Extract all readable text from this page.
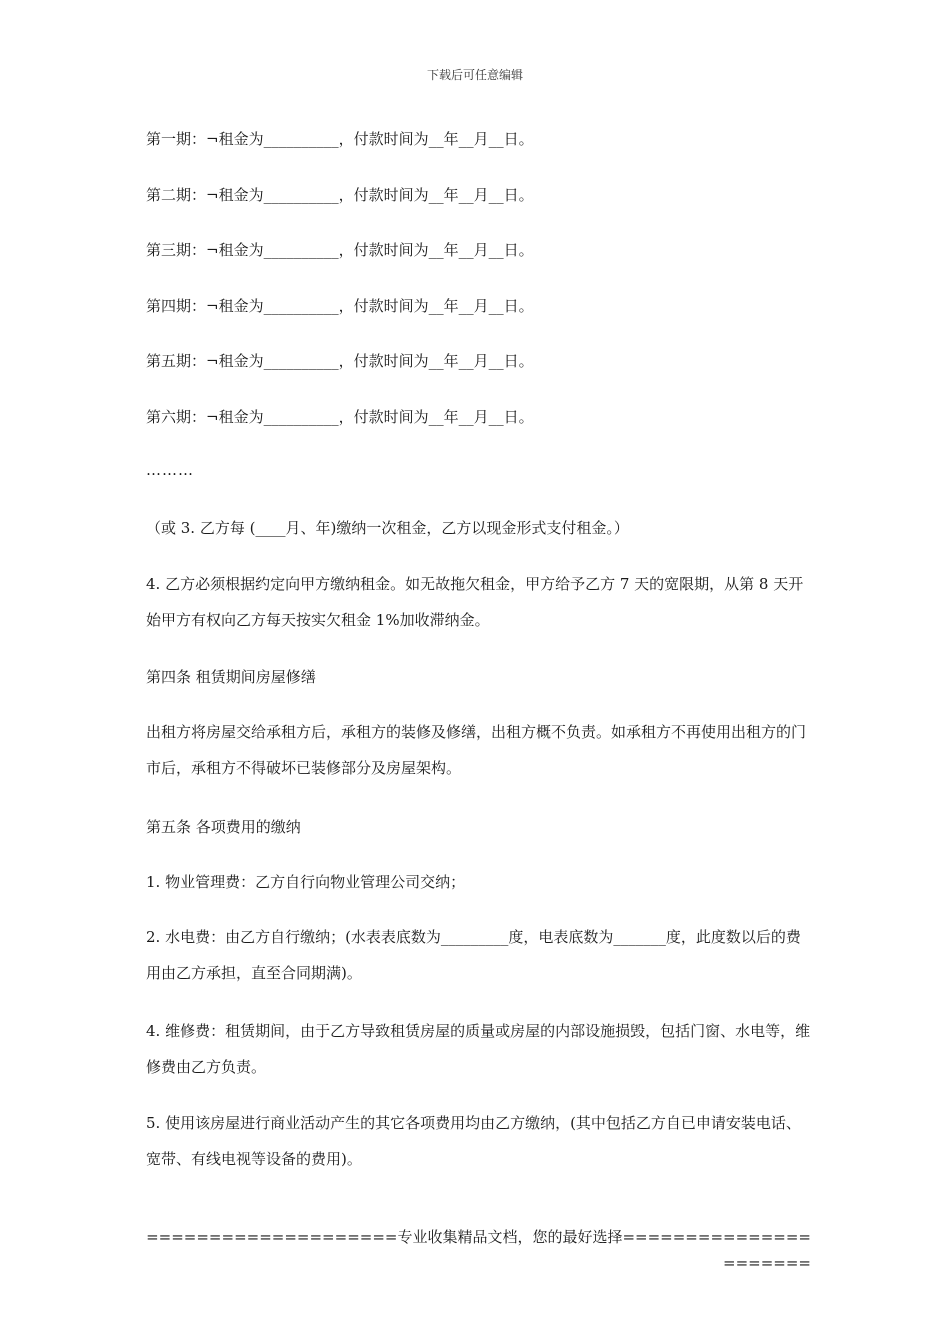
下载后可任意编辑
第一期：¬租金为__________，付款时间为__年__月__日。
第二期：¬租金为__________，付款时间为__年__月__日。
第三期：¬租金为__________，付款时间为__年__月__日。
第四期：¬租金为__________，付款时间为__年__月__日。
第五期：¬租金为__________，付款时间为__年__月__日。
第六期：¬租金为__________，付款时间为__年__月__日。
………
（或 3. 乙方每 (____月、年)缴纳一次租金，乙方以现金形式支付租金。）
4. 乙方必须根据约定向甲方缴纳租金。如无故拖欠租金，甲方给予乙方 7 天的宽限期，从第 8 天开始甲方有权向乙方每天按实欠租金 1%加收滞纳金。
第四条 租赁期间房屋修缮
出租方将房屋交给承租方后，承租方的装修及修缮，出租方概不负责。如承租方不再使用出租方的门市后，承租方不得破坏已装修部分及房屋架构。
第五条 各项费用的缴纳
1. 物业管理费：乙方自行向物业管理公司交纳；
2. 水电费：由乙方自行缴纳；(水表表底数为_________度，电表底数为_______度，此度数以后的费用由乙方承担，直至合同期满)。
4. 维修费：租赁期间，由于乙方导致租赁房屋的质量或房屋的内部设施损毁，包括门窗、水电等，维修费由乙方负责。
5. 使用该房屋进行商业活动产生的其它各项费用均由乙方缴纳，(其中包括乙方自已申请安装电话、宽带、有线电视等设备的费用)。
====================专业收集精品文档，您的最好选择======================
